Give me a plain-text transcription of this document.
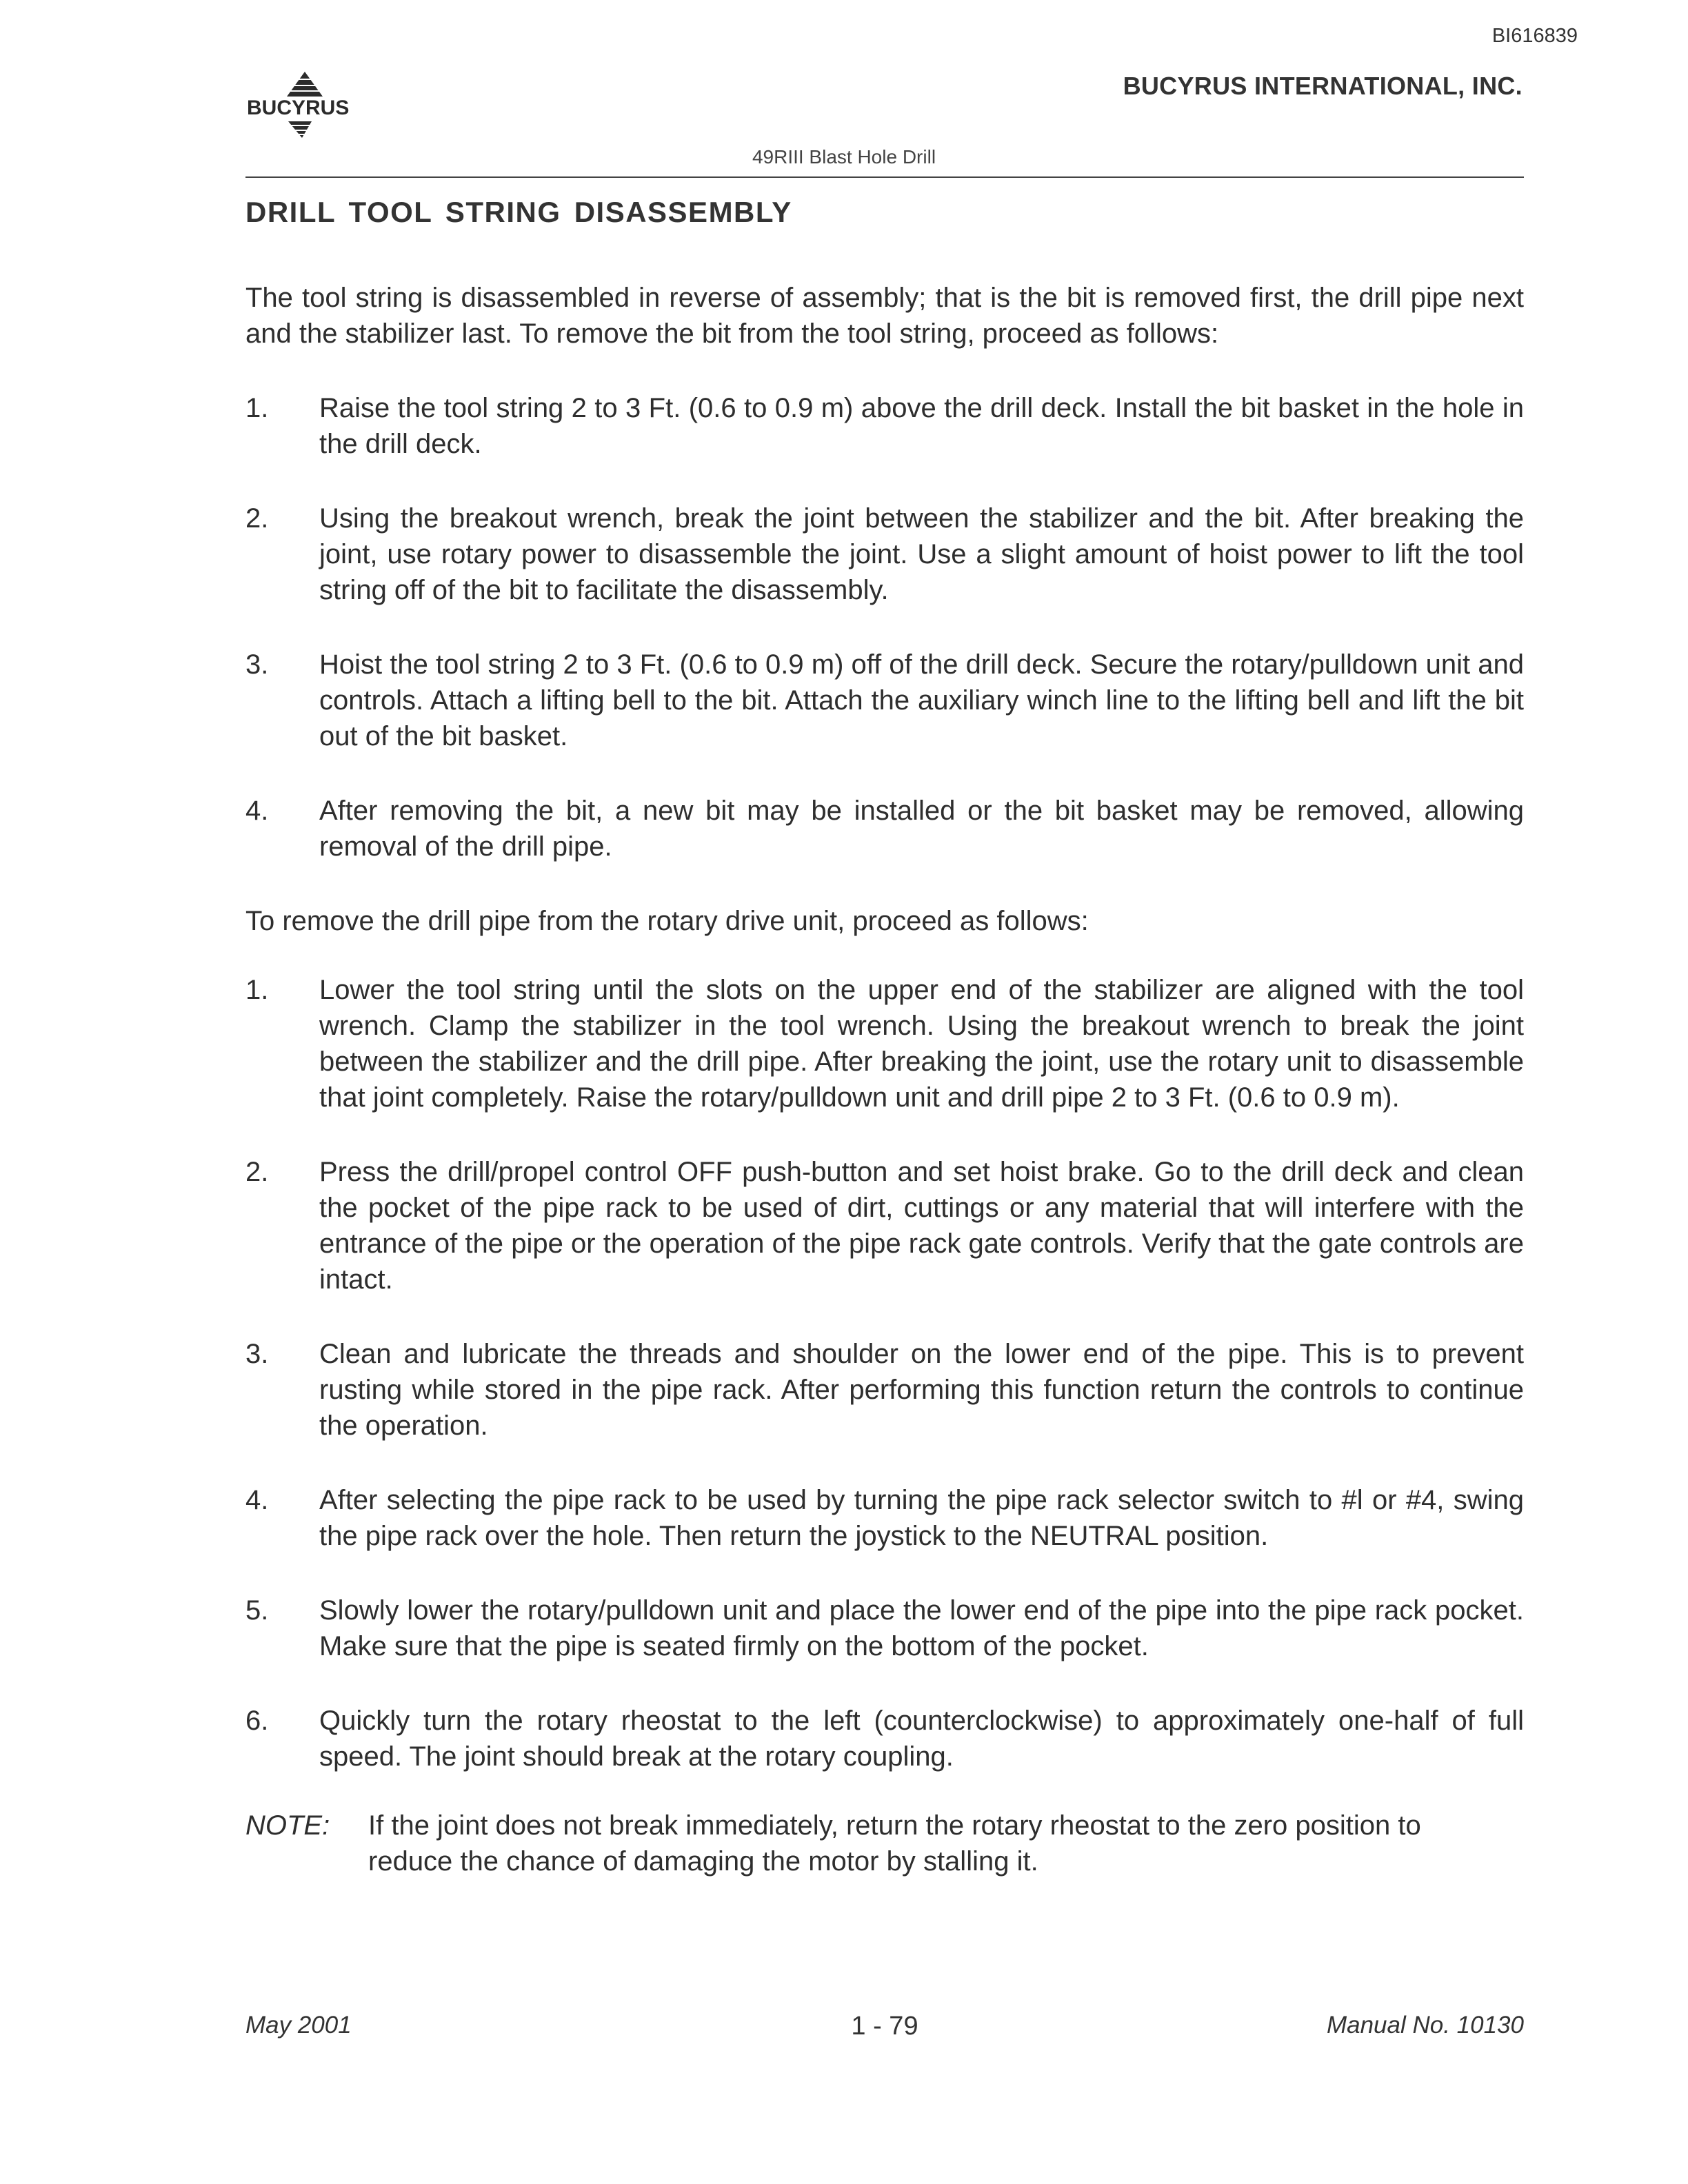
BI616839
BUCYRUS
BUCYRUS INTERNATIONAL, INC.
49RIII Blast Hole Drill
DRILL TOOL STRING DISASSEMBLY

The tool string is disassembled in reverse of assembly; that is the bit is removed first, the drill pipe next and the stabilizer last. To remove the bit from the tool string, proceed as follows:

1.	Raise the tool string 2 to 3 Ft. (0.6 to 0.9 m) above the drill deck. Install the bit basket in the hole in the drill deck.
2.	Using the breakout wrench, break the joint between the stabilizer and the bit. After breaking the joint, use rotary power to disassemble the joint. Use a slight amount of hoist power to lift the tool string off of the bit to facilitate the disassembly.
3.	Hoist the tool string 2 to 3 Ft. (0.6 to 0.9 m) off of the drill deck. Secure the rotary/pulldown unit and controls. Attach a lifting bell to the bit. Attach the auxiliary winch line to the lifting bell and lift the bit out of the bit basket.
4.	After removing the bit, a new bit may be installed or the bit basket may be removed, allowing removal of the drill pipe.

To remove the drill pipe from the rotary drive unit, proceed as follows:

1.	Lower the tool string until the slots on the upper end of the stabilizer are aligned with the tool wrench. Clamp the stabilizer in the tool wrench. Using the breakout wrench to break the joint between the stabilizer and the drill pipe. After breaking the joint, use the rotary unit to disassemble that joint completely. Raise the rotary/pulldown unit and drill pipe 2 to 3 Ft. (0.6 to 0.9 m).
2.	Press the drill/propel control OFF push-button and set hoist brake. Go to the drill deck and clean the pocket of the pipe rack to be used of dirt, cuttings or any material that will interfere with the entrance of the pipe or the operation of the pipe rack gate controls. Verify that the gate controls are intact.
3.	Clean and lubricate the threads and shoulder on the lower end of the pipe. This is to prevent rusting while stored in the pipe rack. After performing this function return the controls to continue the operation.
4.	After selecting the pipe rack to be used by turning the pipe rack selector switch to #l or #4, swing the pipe rack over the hole. Then return the joystick to the NEUTRAL position.
5.	Slowly lower the rotary/pulldown unit and place the lower end of the pipe into the pipe rack pocket. Make sure that the pipe is seated firmly on the bottom of the pocket.
6.	Quickly turn the rotary rheostat to the left (counterclockwise) to approximately one-half of full speed. The joint should break at the rotary coupling.
NOTE:	If the joint does not break immediately, return the rotary rheostat to the zero position to reduce the chance of damaging the motor by stalling it.
May 2001	1 - 79	Manual No. 10130
